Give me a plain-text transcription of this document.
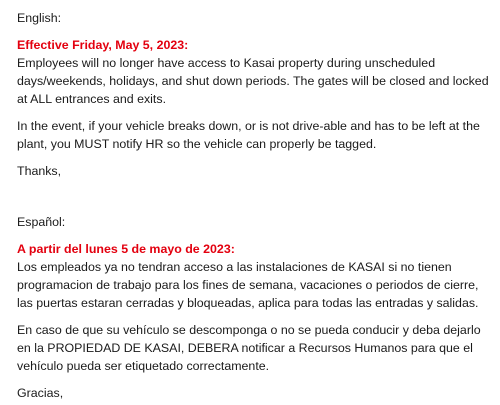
English:

Effective Friday, May 5, 2023:

Employees will no longer have access to Kasai property during unscheduled days/weekends, holidays, and shut down periods. The gates will be closed and locked at ALL entrances and exits.

In the event, if your vehicle breaks down, or is not drive-able and has to be left at the plant, you MUST notify HR so the vehicle can properly be tagged.

Thanks,

Español:

A partir del lunes 5 de mayo de 2023:

Los empleados ya no tendran acceso a las instalaciones de KASAI si no tienen programacion de trabajo para los fines de semana, vacaciones o periodos de cierre, las puertas estaran cerradas y bloqueadas, aplica para todas las entradas y salidas.

En caso de que su vehículo se descomponga o no se pueda conducir y deba dejarlo en la PROPIEDAD DE KASAI, DEBERA notificar a Recursos Humanos para que el vehículo pueda ser etiquetado correctamente.

Gracias,
